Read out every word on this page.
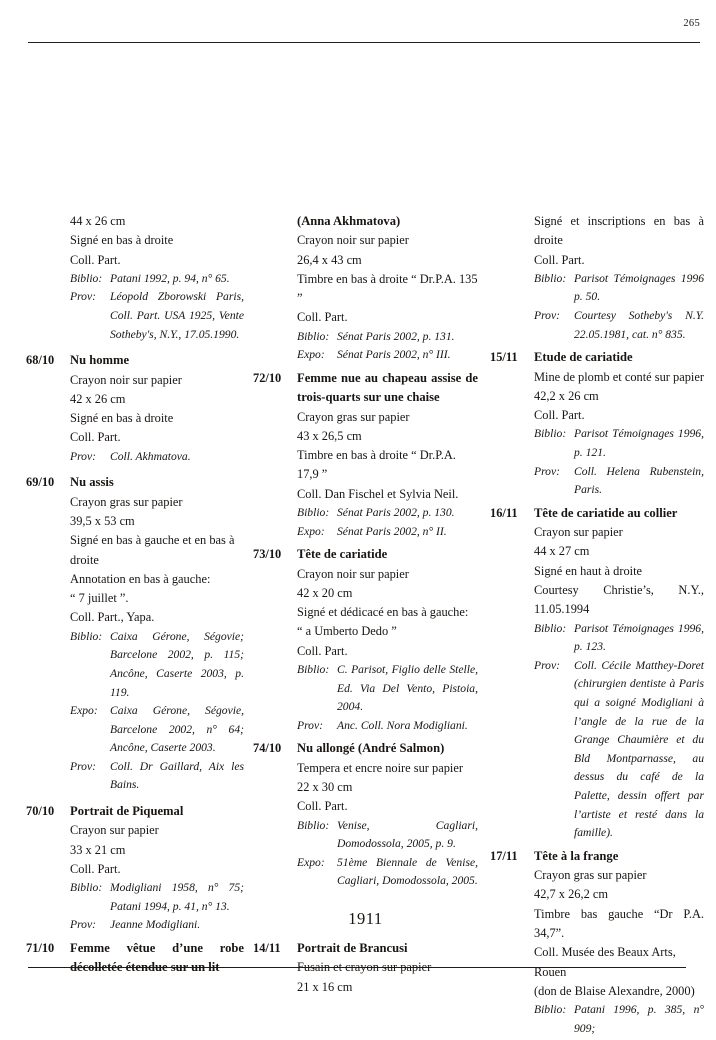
265
44 x 26 cm
Signé en bas à droite
Coll. Part.
Biblio: Patani 1992, p. 94, n° 65.
Prov:	Léopold Zborowski Paris, Coll. Part. USA 1925, Vente Sotheby's, N.Y., 17.05.1990.
68/10	Nu homme
Crayon noir sur papier
42 x 26 cm
Signé en bas à droite
Coll. Part.
Prov:	Coll. Akhmatova.
69/10	Nu assis
Crayon gras sur papier
39,5 x 53 cm
Signé en bas à gauche et en bas à droite
Annotation en bas à gauche:
“ 7 juillet ”.
Coll. Part., Yapa.
Biblio: Caixa Gérone, Ségovie; Barcelone 2002, p. 115; Ancône, Caserte 2003, p. 119.
Expo:	Caixa Gérone, Ségovie, Barcelone 2002, n° 64; Ancône, Caserte 2003.
Prov:	Coll. Dr Gaillard, Aix les Bains.
70/10	Portrait de Piquemal
Crayon sur papier
33 x 21 cm
Coll. Part.
Biblio: Modigliani 1958, n° 75; Patani 1994, p. 41, n° 13.
Prov:	Jeanne Modigliani.
71/10	Femme vêtue d’une robe décolletée étendue sur un lit
(Anna Akhmatova)
Crayon noir sur papier
26,4 x 43 cm
Timbre en bas à droite “ Dr.P.A. 135 ”
Coll. Part.
Biblio: Sénat Paris 2002, p. 131.
Expo:	Sénat Paris 2002, n° III.
72/10	Femme nue au chapeau assise de trois-quarts sur une chaise
Crayon gras sur papier
43 x 26,5 cm
Timbre en bas à droite “ Dr.P.A. 17,9 ”
Coll. Dan Fischel et Sylvia Neil.
Biblio: Sénat Paris 2002, p. 130.
Expo:	Sénat Paris 2002, n° II.
73/10	Tête de cariatide
Crayon noir sur papier
42 x 20 cm
Signé et dédicacé en bas à gauche:
“ a Umberto Dedo ”
Coll. Part.
Biblio: C. Parisot, Figlio delle Stelle, Ed. Via Del Vento, Pistoia, 2004.
Prov:	Anc. Coll. Nora Modigliani.
74/10	Nu allongé (André Salmon)
Tempera et encre noire sur papier
22 x 30 cm
Coll. Part.
Biblio: Venise, Cagliari, Domodossola, 2005, p. 9.
Expo:	51ème Biennale de Venise, Cagliari, Domodossola, 2005.
1911
14/11	Portrait de Brancusi
Fusain et crayon sur papier
21 x 16 cm
Signé et inscriptions en bas à droite
Coll. Part.
Biblio: Parisot Témoignages 1996 p. 50.
Prov:	Courtesy Sotheby's N.Y. 22.05.1981, cat. n° 835.
15/11	Etude de cariatide
Mine de plomb et conté sur papier
42,2 x 26 cm
Coll. Part.
Biblio: Parisot Témoignages 1996, p. 121.
Prov:	Coll. Helena Rubenstein, Paris.
16/11	Tête de cariatide au collier
Crayon sur papier
44 x 27 cm
Signé en haut à droite
Courtesy Christie’s, N.Y., 11.05.1994
Biblio: Parisot Témoignages 1996, p. 123.
Prov:	Coll. Cécile Matthey-Doret (chirurgien dentiste à Paris qui a soigné Modigliani à l’angle de la rue de la Grange Chaumière et du Bld Montparnasse, au dessus du café de la Palette, dessin offert par l’artiste et resté dans la famille).
17/11	Tête à la frange
Crayon gras sur papier
42,7 x 26,2 cm
Timbre bas gauche “Dr P.A. 34,7”.
Coll. Musée des Beaux Arts, Rouen
(don de Blaise Alexandre, 2000)
Biblio: Patani 1996, p. 385, n° 909;
